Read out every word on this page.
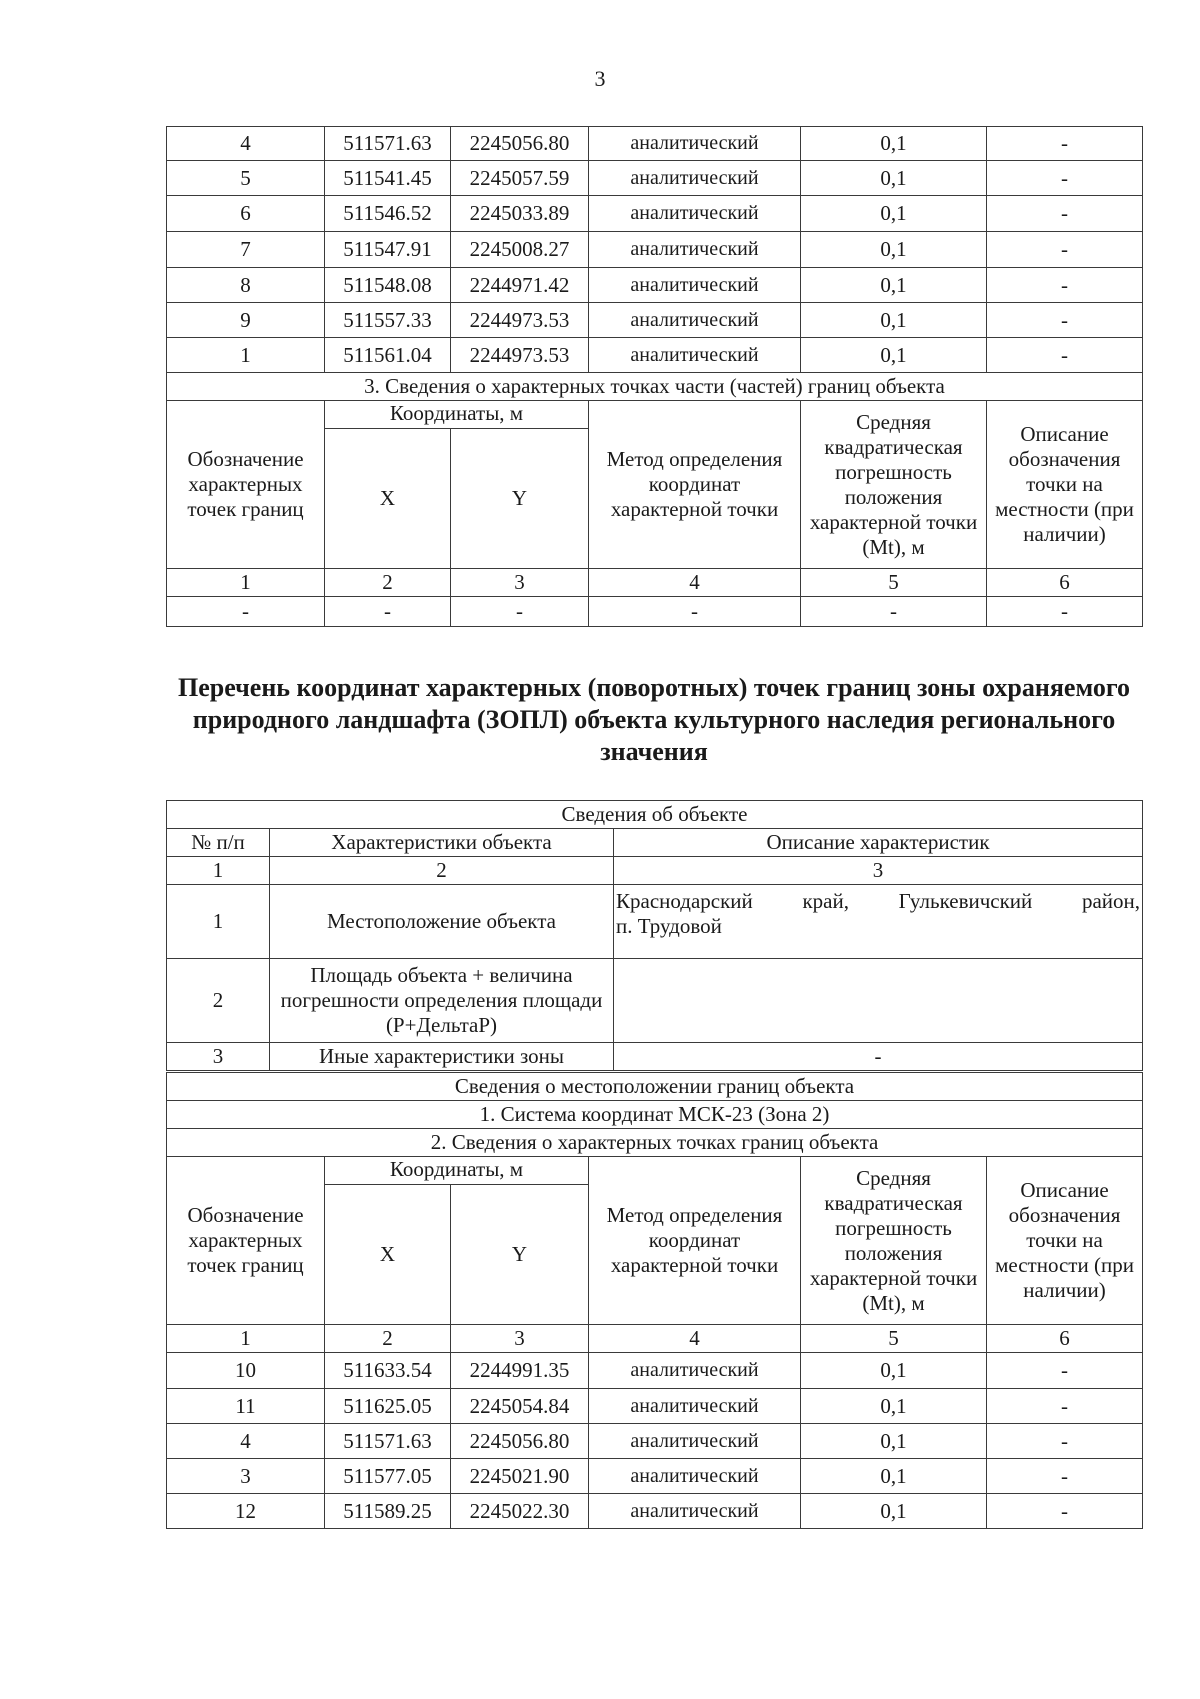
3
4	511571.63	2245056.80	аналитический	0,1	-
5	511541.45	2245057.59	аналитический	0,1	-
6	511546.52	2245033.89	аналитический	0,1	-
7	511547.91	2245008.27	аналитический	0,1	-
8	511548.08	2244971.42	аналитический	0,1	-
9	511557.33	2244973.53	аналитический	0,1	-
1	511561.04	2244973.53	аналитический	0,1	-
3. Сведения о характерных точках части (частей) границ объекта					
Обозначение характерных точек границ	Координаты, м		Метод определения координат характерной точки	Средняя квадратическая погрешность положения характерной точки (Mt), м	Описание обозначения точки на местности (при наличии)
	X	Y			
1	2	3	4	5	6
-	-	-	-	-	-
Перечень координат характерных (поворотных) точек границ зоны охраняемого природного ландшафта (ЗОПЛ) объекта культурного наследия регионального значения
Сведения об объекте		
№ п/п	Характеристики объекта	Описание характеристик
1	2	3
1	Местоположение объекта	Краснодарский край, Гулькевичский район,
п. Трудовой

2	Площадь объекта + величина погрешности определения площади (Р+ДельтаР)	
3	Иные характеристики зоны	-
Сведения о местоположении границ объекта					
1. Система координат МСК-23 (Зона 2)					
2. Сведения о характерных точках границ объекта					
Обозначение характерных точек границ	Координаты, м		Метод определения координат характерной точки	Средняя квадратическая погрешность положения характерной точки (Mt), м	Описание обозначения точки на местности (при наличии)
	X	Y			
1	2	3	4	5	6
10	511633.54	2244991.35	аналитический	0,1	-
11	511625.05	2245054.84	аналитический	0,1	-
4	511571.63	2245056.80	аналитический	0,1	-
3	511577.05	2245021.90	аналитический	0,1	-
12	511589.25	2245022.30	аналитический	0,1	-
